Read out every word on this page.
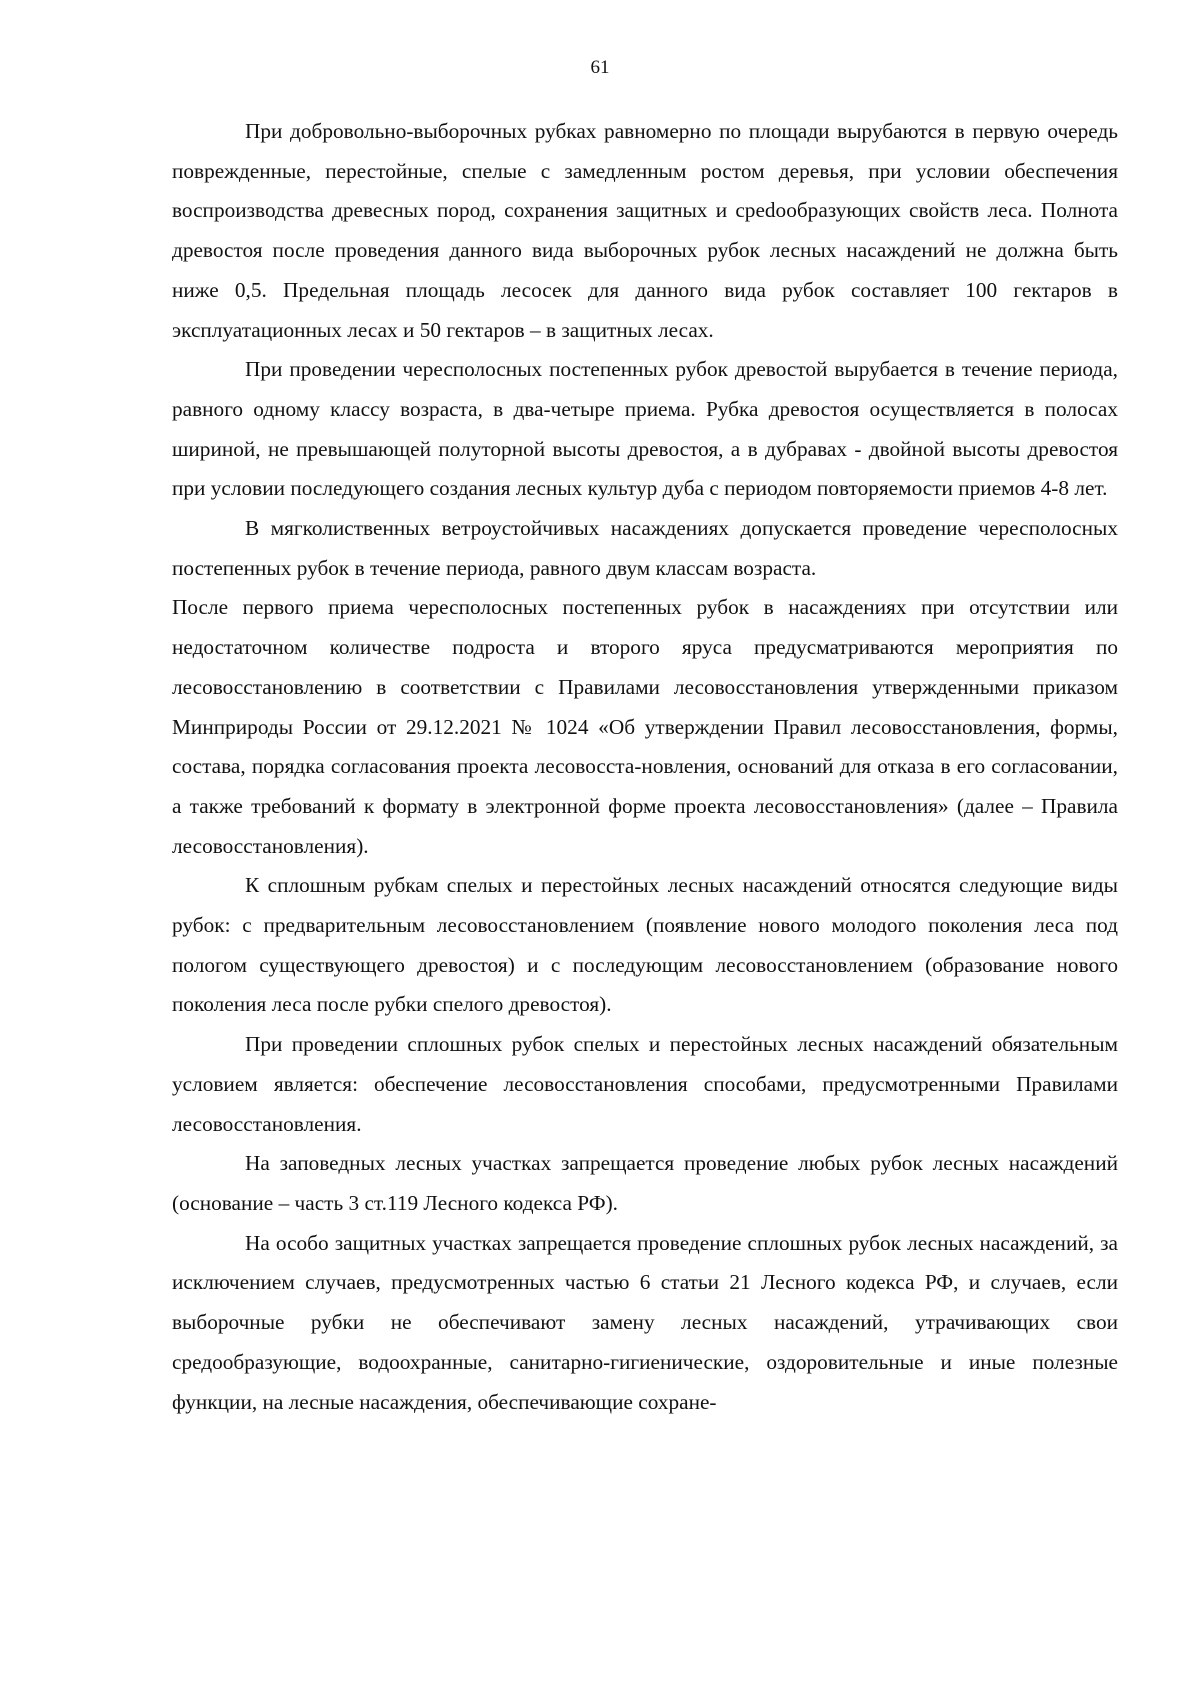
61

При добровольно-выборочных рубках равномерно по площади вырубаются в первую очередь поврежденные, перестойные, спелые с замедленным ростом деревья, при условии обеспечения воспроизводства древесных пород, сохранения защитных и среdообразующих свойств леса. Полнота древостоя после проведения данного вида выборочных рубок лесных насаждений не должна быть ниже 0,5. Предельная площадь лесосек для данного вида рубок составляет 100 гектаров в эксплуатационных лесах и 50 гектаров – в защитных лесах.

При проведении чересполосных постепенных рубок древостой вырубается в течение периода, равного одному классу возраста, в два-четыре приема. Рубка древостоя осуществляется в полосах шириной, не превышающей полуторной высоты древостоя, а в дубравах - двойной высоты древостоя при условии последующего создания лесных культур дуба с периодом повторяемости приемов 4-8 лет.

В мягколиственных ветроустойчивых насаждениях допускается проведение чересполосных постепенных рубок в течение периода, равного двум классам возраста.

После первого приема чересполосных постепенных рубок в насаждениях при отсутствии или недостаточном количестве подроста и второго яруса предусматриваются мероприятия по лесовосстановлению в соответствии с Правилами лесовосстановления утвержденными приказом Минприроды России от 29.12.2021 № 1024 «Об утверждении Правил лесовосстановления, формы, состава, порядка согласования проекта лесовосста-новления, оснований для отказа в его согласовании, а также требований к формату в электронной форме проекта лесовосстановления» (далее – Правила лесовосстановления).

К сплошным рубкам спелых и перестойных лесных насаждений относятся следующие виды рубок: с предварительным лесовосстановлением (появление нового молодого поколения леса под пологом существующего древостоя) и с последующим лесовосстановлением (образование нового поколения леса после рубки спелого древостоя).

При проведении сплошных рубок спелых и перестойных лесных насаждений обязательным условием является: обеспечение лесовосстановления способами, предусмотренными Правилами лесовосстановления.

На заповедных лесных участках запрещается проведение любых рубок лесных насаждений (основание – часть 3 ст.119 Лесного кодекса РФ).

На особо защитных участках запрещается проведение сплошных рубок лесных насаждений, за исключением случаев, предусмотренных частью 6 статьи 21 Лесного кодекса РФ, и случаев, если выборочные рубки не обеспечивают замену лесных насаждений, утрачивающих свои средообразующие, водоохранные, санитарно-гигиенические, оздоровительные и иные полезные функции, на лесные насаждения, обеспечивающие сохране-
